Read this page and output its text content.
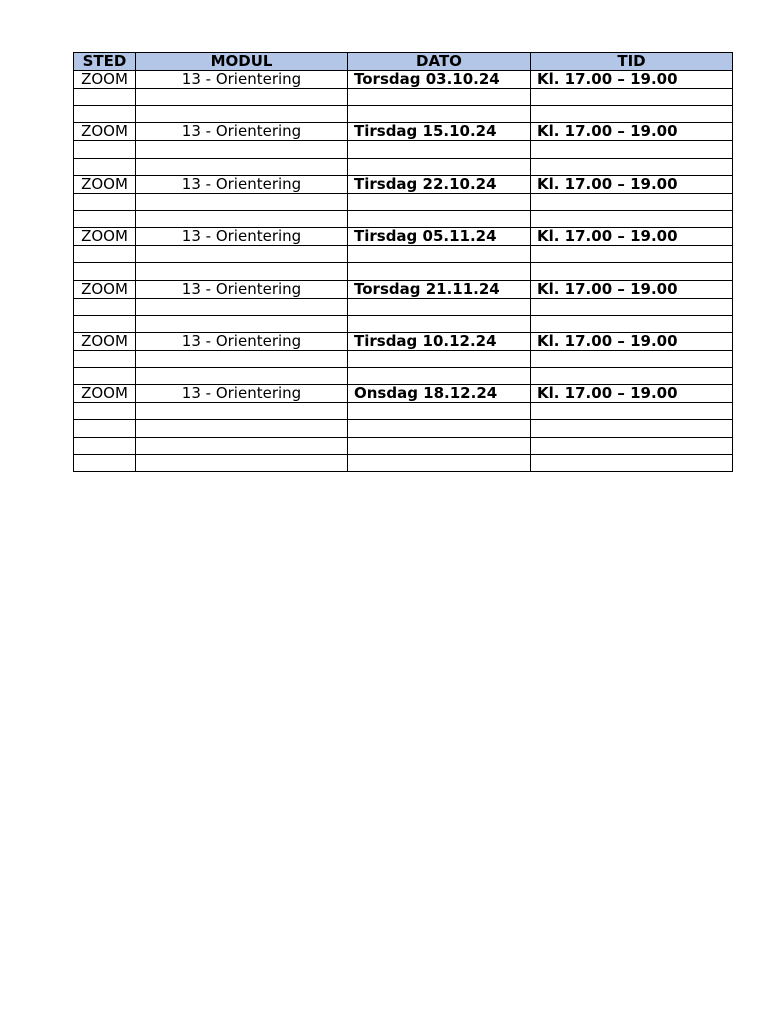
STED	MODUL	DATO	TID
ZOOM	13 - Orientering	Torsdag 03.10.24	Kl. 17.00 – 19.00

ZOOM	13 - Orientering	Tirsdag 15.10.24	Kl. 17.00 – 19.00

ZOOM	13 - Orientering	Tirsdag 22.10.24	Kl. 17.00 – 19.00

ZOOM	13 - Orientering	Tirsdag 05.11.24	Kl. 17.00 – 19.00

ZOOM	13 - Orientering	Torsdag 21.11.24	Kl. 17.00 – 19.00

ZOOM	13 - Orientering	Tirsdag 10.12.24	Kl. 17.00 – 19.00

ZOOM	13 - Orientering	Onsdag 18.12.24	Kl. 17.00 – 19.00
